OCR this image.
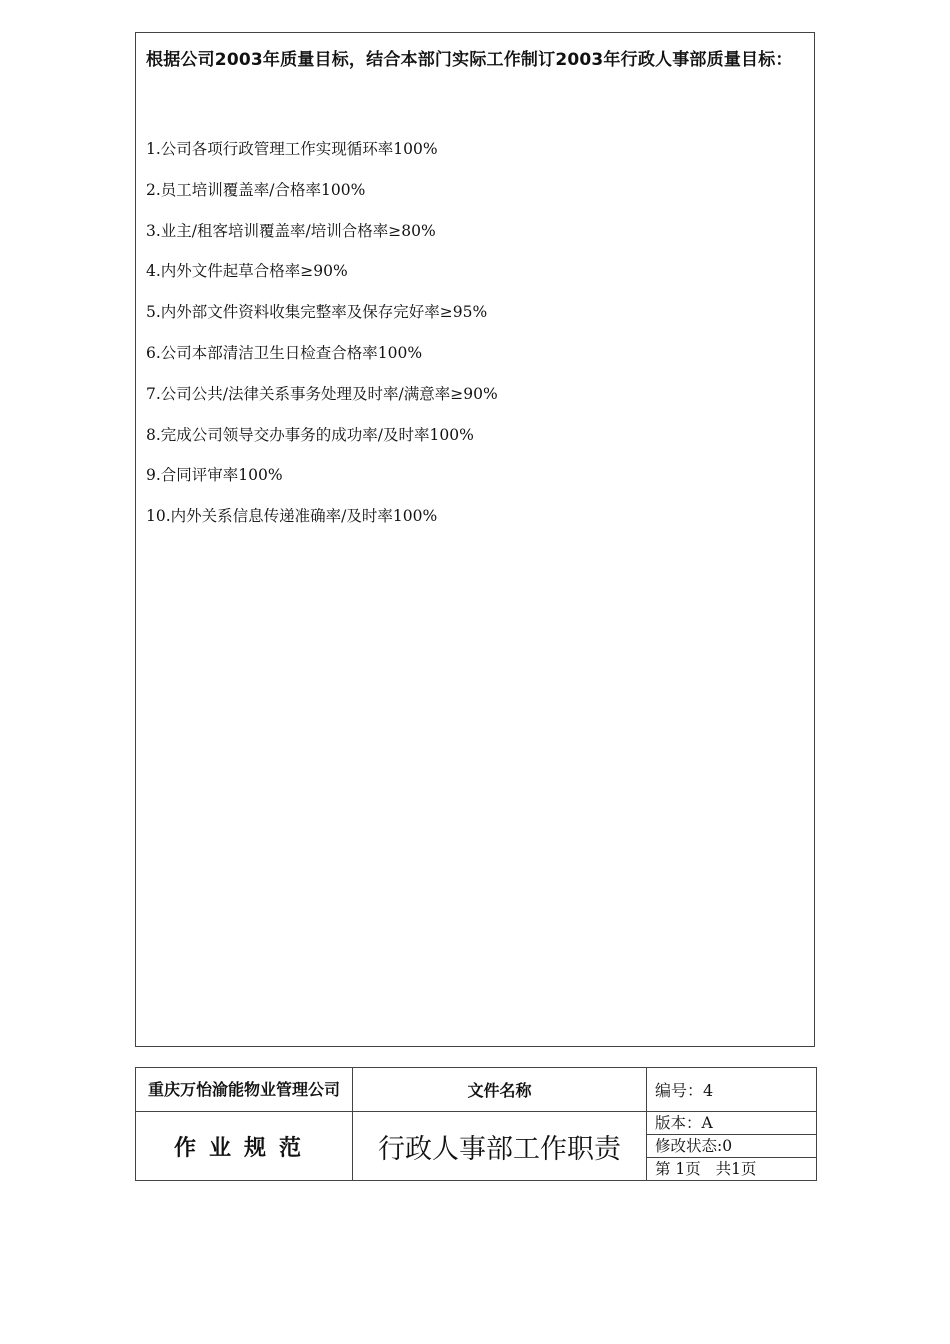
根据公司2003年质量目标，结合本部门实际工作制订2003年行政人事部质量目标：
1.公司各项行政管理工作实现循环率100%
2.员工培训覆盖率/合格率100%
3.业主/租客培训覆盖率/培训合格率≥80%
4.内外文件起草合格率≥90%
5.内外部文件资料收集完整率及保存完好率≥95%
6.公司本部清洁卫生日检查合格率100%
7.公司公共/法律关系事务处理及时率/满意率≥90%
8.完成公司领导交办事务的成功率/及时率100%
9.合同评审率100%
10.内外关系信息传递准确率/及时率100%
重庆万怡渝能物业管理公司	文件名称	编号：4
作业规范	行政人事部工作职责	版本：A
		修改状态:0
		第 1页   共1页
